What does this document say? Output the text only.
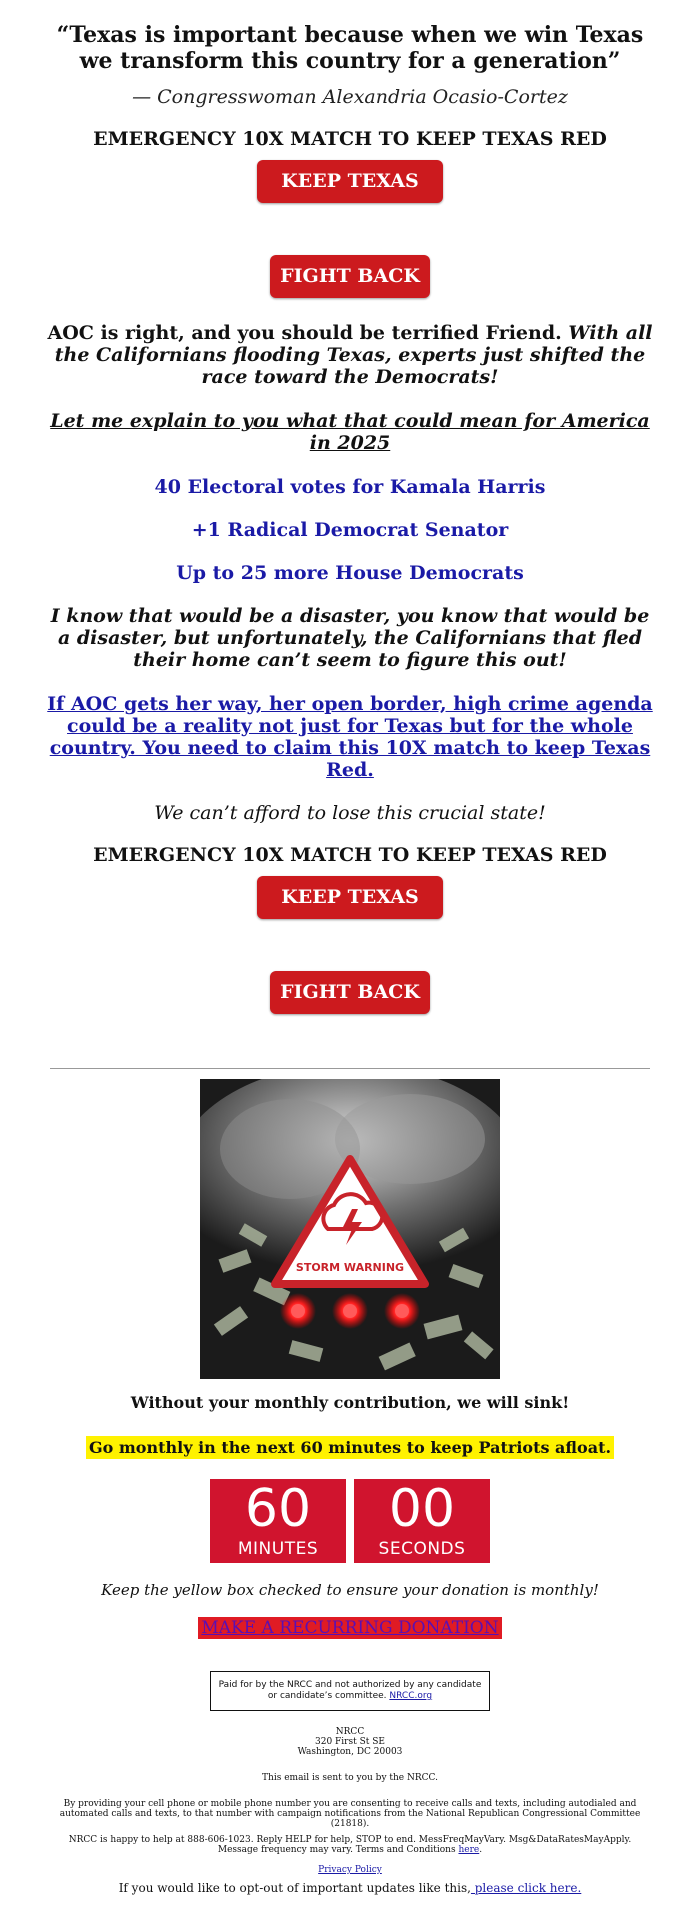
“Texas is important because when we win Texas we transform this country for a generation”
— Congresswoman Alexandria Ocasio-Cortez
EMERGENCY 10X MATCH TO KEEP TEXAS RED
KEEP TEXAS RED
FIGHT BACK
AOC is right, and you should be terrified Friend. With all the Californians flooding Texas, experts just shifted the race toward the Democrats!
Let me explain to you what that could mean for America in 2025
40 Electoral votes for Kamala Harris
+1 Radical Democrat Senator
Up to 25 more House Democrats
I know that would be a disaster, you know that would be a disaster, but unfortunately, the Californians that fled their home can’t seem to figure this out!
If AOC gets her way, her open border, high crime agenda could be a reality not just for Texas but for the whole country. You need to claim this 10X match to keep Texas Red.
We can’t afford to lose this crucial state!
EMERGENCY 10X MATCH TO KEEP TEXAS RED
KEEP TEXAS RED
FIGHT BACK
STORM WARNING
Without your monthly contribution, we will sink!
Go monthly in the next 60 minutes to keep Patriots afloat.
60
MINUTES
00
SECONDS
Keep the yellow box checked to ensure your donation is monthly!
MAKE A RECURRING DONATION
Paid for by the NRCC and not authorized by any candidate or candidate’s committee. NRCC.org
NRCC
320 First St SE
Washington, DC 20003
This email is sent to you by the NRCC.
By providing your cell phone or mobile phone number you are consenting to receive calls and texts, including autodialed and automated calls and texts, to that number with campaign notifications from the National Republican Congressional Committee (21818).
NRCC is happy to help at 888-606-1023. Reply HELP for help, STOP to end. MessFreqMayVary. Msg&DataRatesMayApply. Message frequency may vary. Terms and Conditions here.
Privacy Policy
If you would like to opt-out of important updates like this, please click here.
